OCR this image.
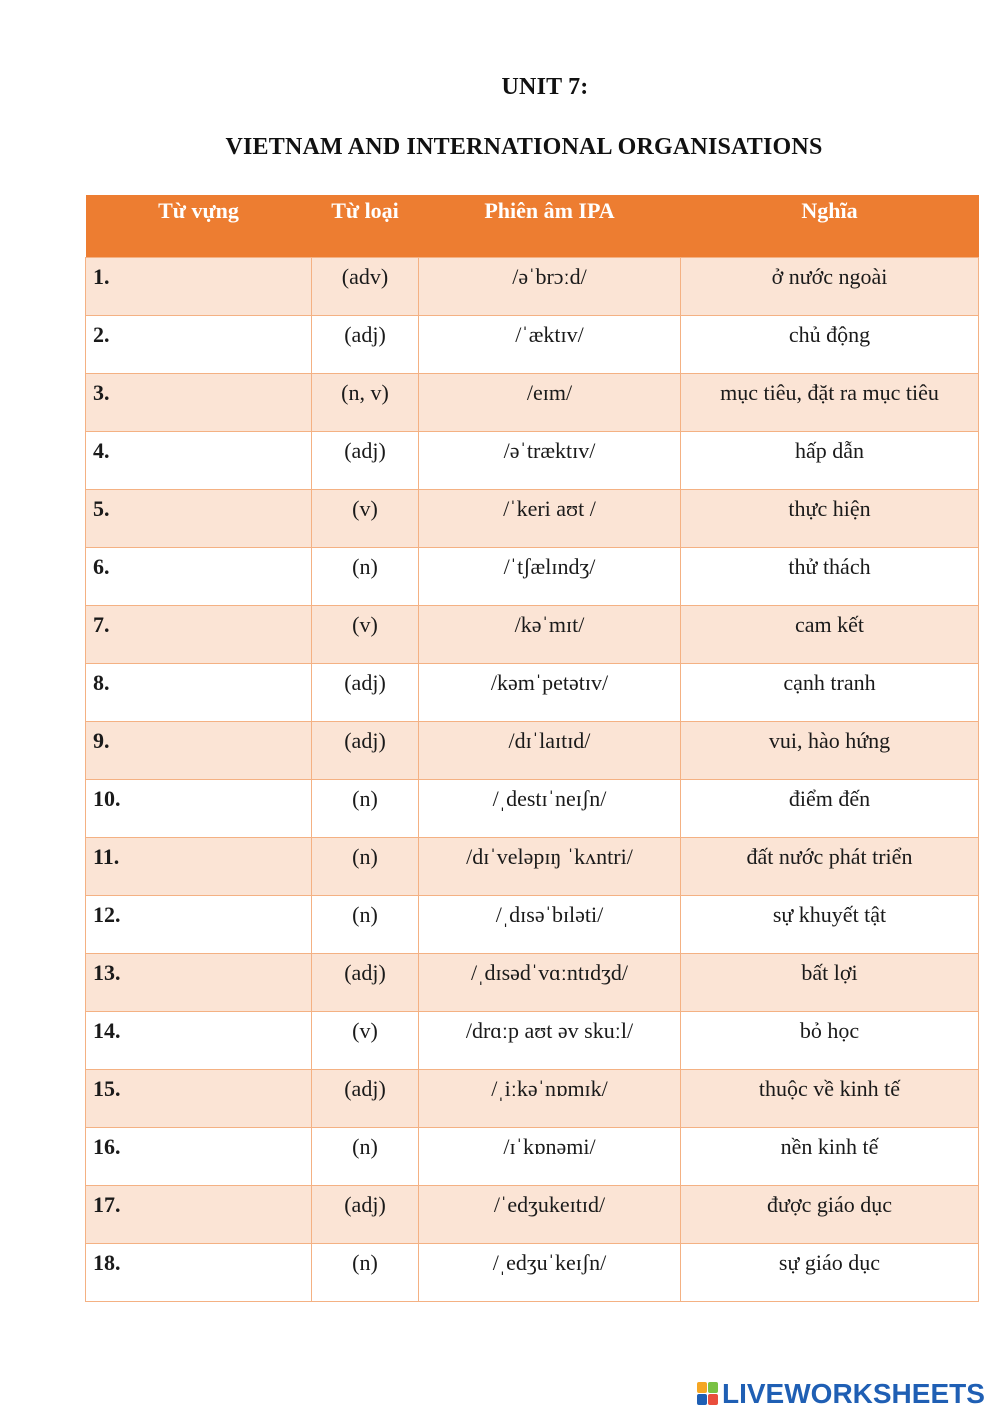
UNIT 7:
VIETNAM AND INTERNATIONAL ORGANISATIONS
Từ vựng	Từ loại	Phiên âm IPA	Nghĩa
1.	(adv)	/əˈbrɔːd/	ở nước ngoài
2.	(adj)	/ˈæktɪv/	chủ động
3.	(n, v)	/eɪm/	mục tiêu, đặt ra mục tiêu
4.	(adj)	/əˈtræktɪv/	hấp dẫn
5.	(v)	/ˈkeri aʊt /	thực hiện
6.	(n)	/ˈtʃælɪndʒ/	thử thách
7.	(v)	/kəˈmɪt/	cam kết
8.	(adj)	/kəmˈpetətɪv/	cạnh tranh
9.	(adj)	/dɪˈlaɪtɪd/	vui, hào hứng
10.	(n)	/ˌdestɪˈneɪʃn/	điểm đến
11.	(n)	/dɪˈveləpɪŋ ˈkʌntri/	đất nước phát triển
12.	(n)	/ˌdɪsəˈbɪləti/	sự khuyết tật
13.	(adj)	/ˌdɪsədˈvɑːntɪdʒd/	bất lợi
14.	(v)	/drɑːp aʊt əv skuːl/	bỏ học
15.	(adj)	/ˌiːkəˈnɒmɪk/	thuộc về kinh tế
16.	(n)	/ɪˈkɒnəmi/	nền kinh tế
17.	(adj)	/ˈedʒukeɪtɪd/	được giáo dục
18.	(n)	/ˌedʒuˈkeɪʃn/	sự giáo dục
LIVEWORKSHEETS
